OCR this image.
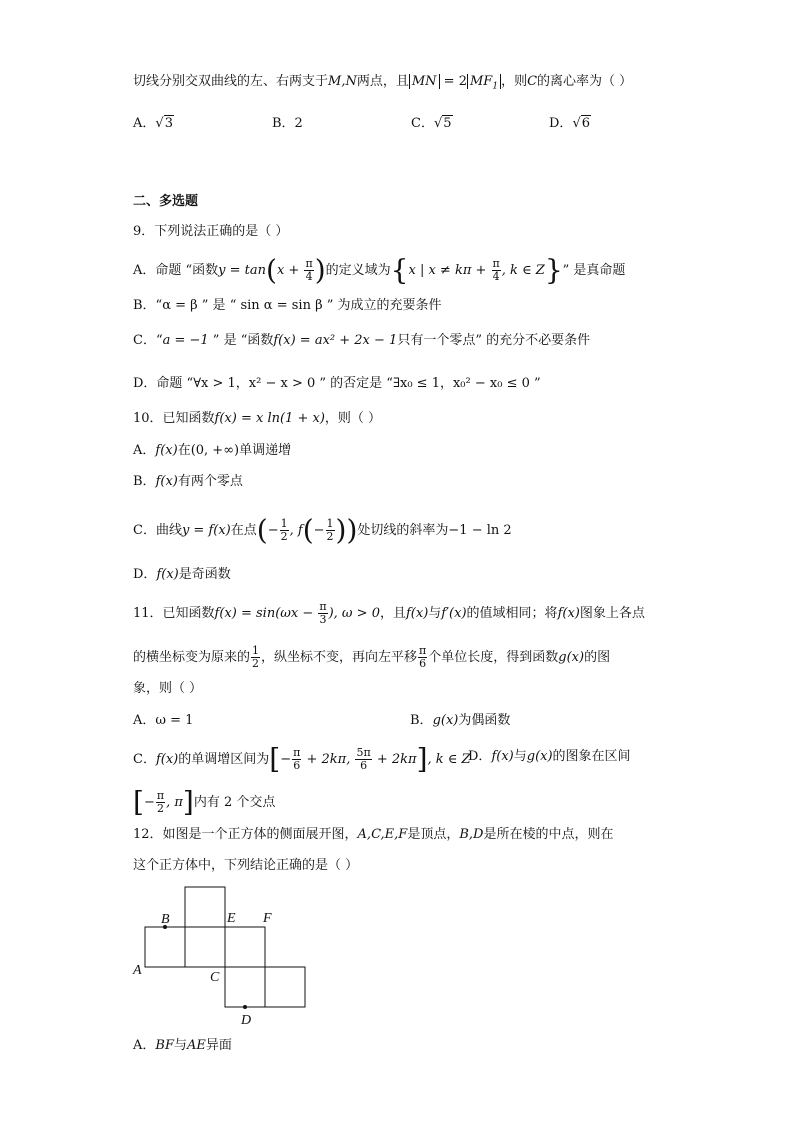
切线分别交双曲线的左、右两支于M,N两点，且 MN = 2 $MF_1$ ，则C的离心率为（ ）
A．√3	B．2	C．√5	D．√6
二、多选题
9．下列说法正确的是（ ）
A．命题 “函数$y = \tan(x + \frac{\pi}{4}$ )的定义域为{x | $x \ne k\pi + \frac{\pi}{4}$ , k ∈ Z}” 是真命题
B．“α = β ” 是 “ sin α = sin β ” 为成立的充要条件
C．“a = −1 ” 是 “函数f(x) = ax² + 2x − 1只有一个零点” 的充分不必要条件
D．命题 “∀x > 1，x² − x > 0 ” 的否定是 “∃x₀ ≤ 1，x₀² − x₀ ≤ 0 ”
10．已知函数f(x) = x ln(1 + x)，则（ ）
A．f(x)在(0, +∞)单调递增
B．f(x)有两个零点
C．曲线y = f(x)在点(− $\frac{1}{2}$ , $f(- \frac{1}{2}$ ))处切线的斜率为−1 − ln 2
D．f(x)是奇函数
11．已知函数$f(x) = \sin(\omega x - \frac{\pi}{3}$ ), ω > 0，且f(x)与f′(x)的值域相同；将f(x)图象上各点
的横坐标变为原来的 $\frac{1}{2}$ ，纵坐标不变，再向左平移 $\frac{\pi}{6}$ 个单位长度，得到函数g(x)的图
象，则（ ）
A．ω = 1	B．g(x)为偶函数
C．f(x)的单调增区间为[− $\frac{\pi}{6} + 2k\pi$, $\frac{5\pi}{6} + 2k\pi$], k ∈ Z
D．f(x)与g(x)的图象在区间
[− $\frac{\pi}{2}$ , π]内有 2 个交点
12．如图是一个正方体的侧面展开图，A,C,E,F是顶点，B,D是所在棱的中点，则在
这个正方体中，下列结论正确的是（ ）
B	E F
A	C
D
A．BF与AE异面
